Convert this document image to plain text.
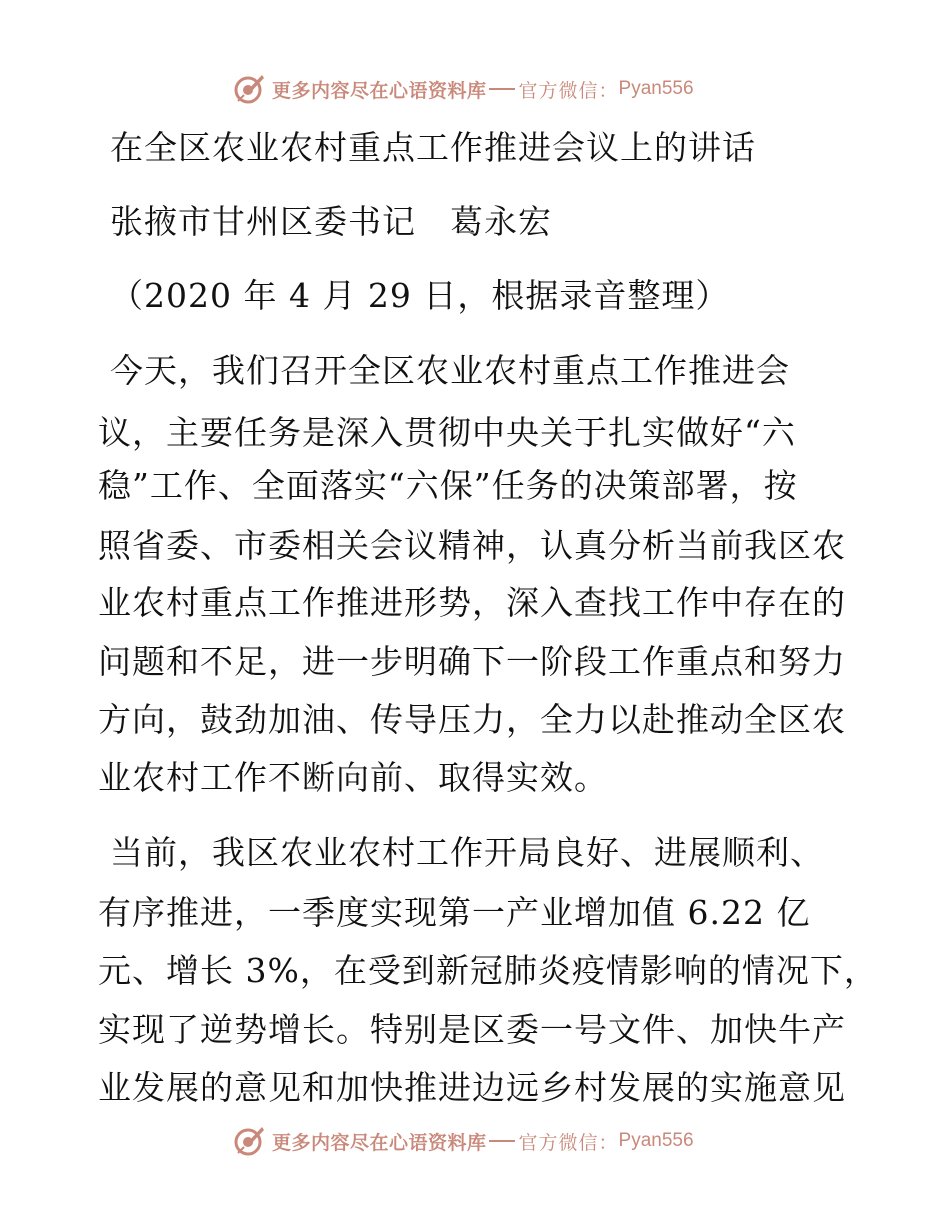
更多内容尽在心语资料库 官方微信： Pyan556
在全区农业农村重点工作推进会议上的讲话
张掖市甘州区委书记　葛永宏
（2020 年 4 月 29 日，根据录音整理）
今天，我们召开全区农业农村重点工作推进会
议，主要任务是深入贯彻中央关于扎实做好“六
稳”工作、全面落实“六保”任务的决策部署，按
照省委、市委相关会议精神，认真分析当前我区农
业农村重点工作推进形势，深入查找工作中存在的
问题和不足，进一步明确下一阶段工作重点和努力
方向，鼓劲加油、传导压力，全力以赴推动全区农
业农村工作不断向前、取得实效。
当前，我区农业农村工作开局良好、进展顺利、
有序推进，一季度实现第一产业增加值 6.22 亿
元、增长 3%，在受到新冠肺炎疫情影响的情况下，
实现了逆势增长。特别是区委一号文件、加快牛产
业发展的意见和加快推进边远乡村发展的实施意见
更多内容尽在心语资料库 官方微信： Pyan556
